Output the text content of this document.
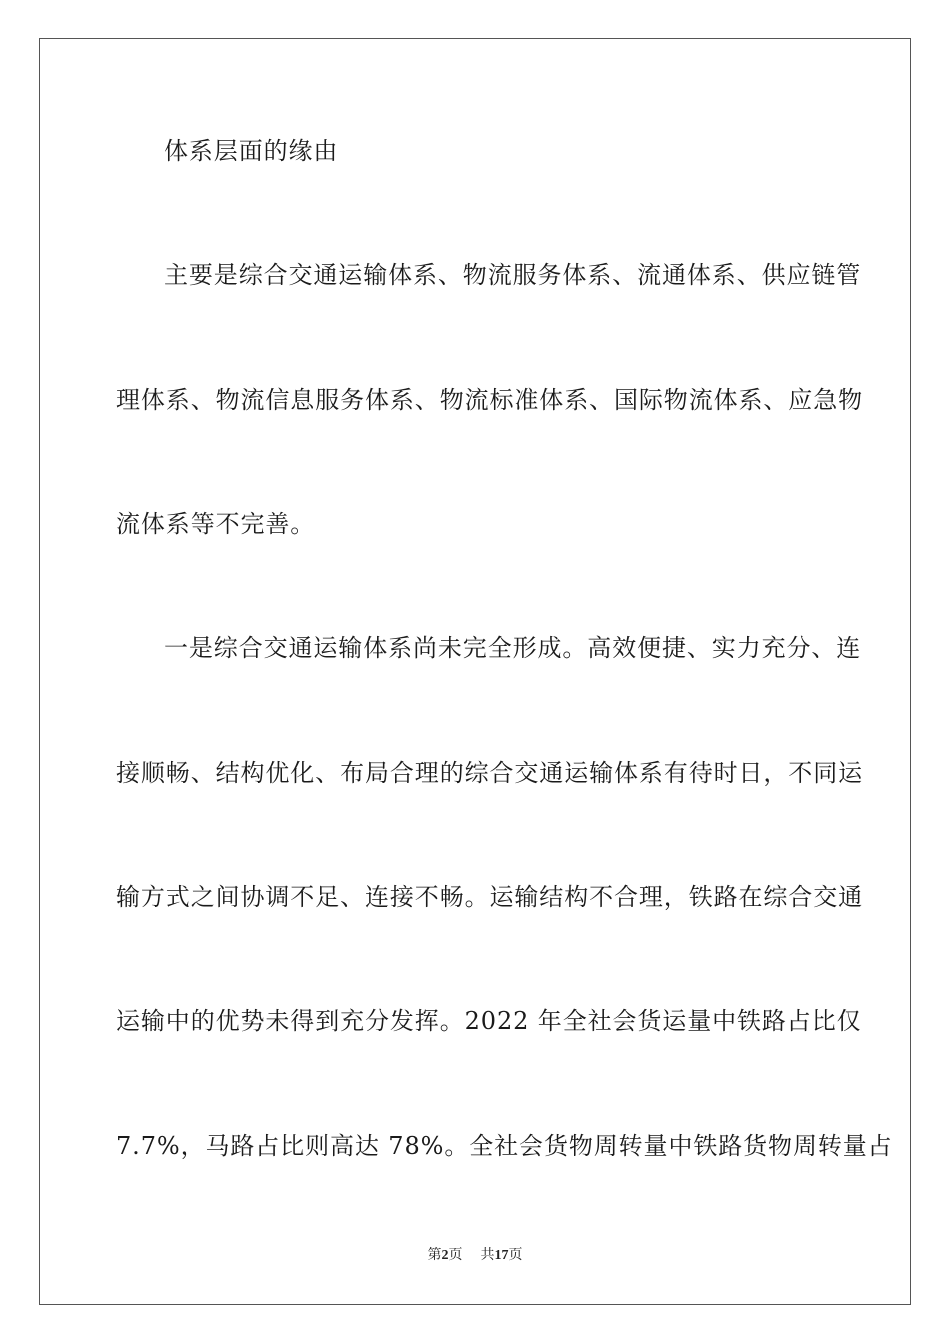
体系层面的缘由
主要是综合交通运输体系、物流服务体系、流通体系、供应链管
理体系、物流信息服务体系、物流标准体系、国际物流体系、应急物
流体系等不完善。
一是综合交通运输体系尚未完全形成。高效便捷、实力充分、连
接顺畅、结构优化、布局合理的综合交通运输体系有待时日，不同运
输方式之间协调不足、连接不畅。运输结构不合理，铁路在综合交通
运输中的优势未得到充分发挥。2022 年全社会货运量中铁路占比仅
7.7%，马路占比则高达 78%。全社会货物周转量中铁路货物周转量占
第2页 共17页
